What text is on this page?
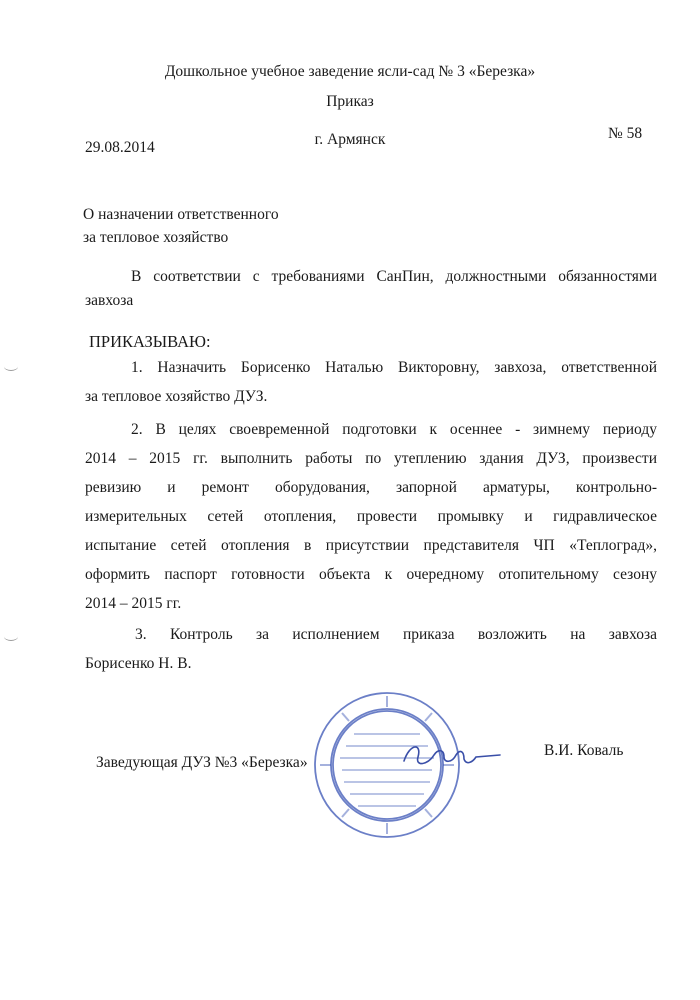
Дошкольное учебное заведение ясли-сад № 3 «Березка»
Приказ
29.08.2014	г. Армянск	№ 58
О назначении ответственного
за тепловое хозяйство
В соответствии с требованиями СанПин, должностными обязанностями
завхоза
ПРИКАЗЫВАЮ:
1. Назначить Борисенко Наталью Викторовну, завхоза, ответственной
за тепловое хозяйство ДУЗ.
2. В целях своевременной подготовки к осеннее - зимнему периоду
2014 – 2015 гг. выполнить работы по утеплению здания ДУЗ, произвести
ревизию и ремонт оборудования, запорной арматуры, контрольно-
измерительных сетей отопления, провести промывку и гидравлическое
испытание сетей отопления в присутствии представителя ЧП «Теплоград»,
оформить паспорт готовности объекта к очередному отопительному сезону
2014 – 2015 гг.
3. Контроль за исполнением приказа возложить на завхоза
Борисенко Н. В.
Заведующая ДУЗ №3 «Березка»
В.И. Коваль
